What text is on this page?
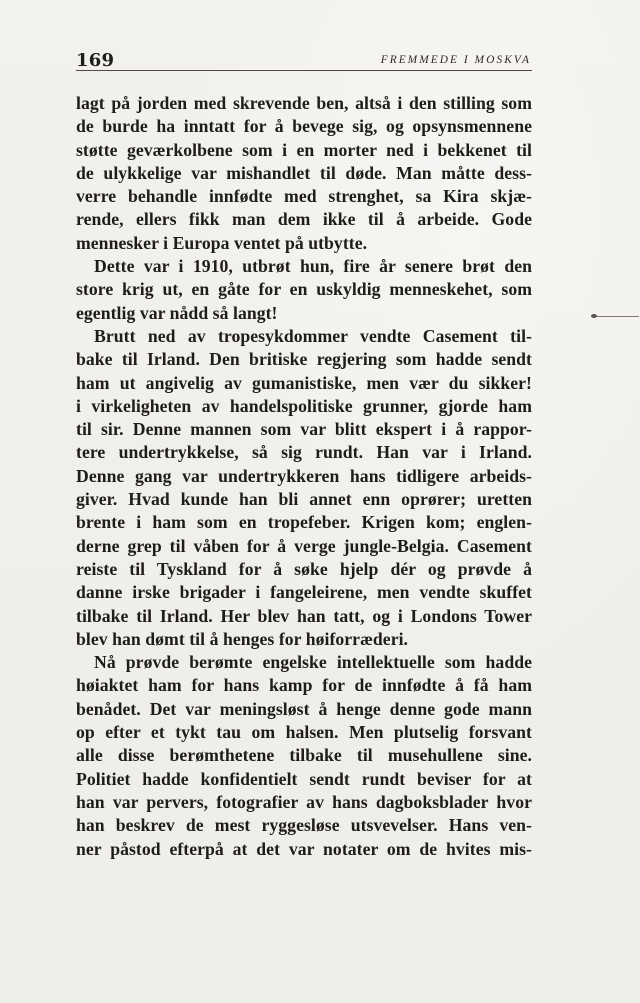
169	FREMMEDE I MOSKVA
lagt på jorden med skrevende ben, altså i den stilling som
de burde ha inntatt for å bevege sig, og opsynsmennene
støtte geværkolbene som i en morter ned i bekkenet til
de ulykkelige var mishandlet til døde. Man måtte dess-
verre behandle innfødte med strenghet, sa Kira skjæ-
rende, ellers fikk man dem ikke til å arbeide. Gode
mennesker i Europa ventet på utbytte.
Dette var i 1910, utbrøt hun, fire år senere brøt den
store krig ut, en gåte for en uskyldig menneskehet, som
egentlig var nådd så langt!
Brutt ned av tropesykdommer vendte Casement til-
bake til Irland. Den britiske regjering som hadde sendt
ham ut angivelig av gumanistiske, men vær du sikker!
i virkeligheten av handelspolitiske grunner, gjorde ham
til sir. Denne mannen som var blitt ekspert i å rappor-
tere undertrykkelse, så sig rundt. Han var i Irland.
Denne gang var undertrykkeren hans tidligere arbeids-
giver. Hvad kunde han bli annet enn oprører; uretten
brente i ham som en tropefeber. Krigen kom; englen-
derne grep til våben for å verge jungle-Belgia. Casement
reiste til Tyskland for å søke hjelp dér og prøvde å
danne irske brigader i fangeleirene, men vendte skuffet
tilbake til Irland. Her blev han tatt, og i Londons Tower
blev han dømt til å henges for høiforræderi.
Nå prøvde berømte engelske intellektuelle som hadde
høiaktet ham for hans kamp for de innfødte å få ham
benådet. Det var meningsløst å henge denne gode mann
op efter et tykt tau om halsen. Men plutselig forsvant
alle disse berømthetene tilbake til musehullene sine.
Politiet hadde konfidentielt sendt rundt beviser for at
han var pervers, fotografier av hans dagboksblader hvor
han beskrev de mest ryggesløse utsvevelser. Hans ven-
ner påstod efterpå at det var notater om de hvites mis-
